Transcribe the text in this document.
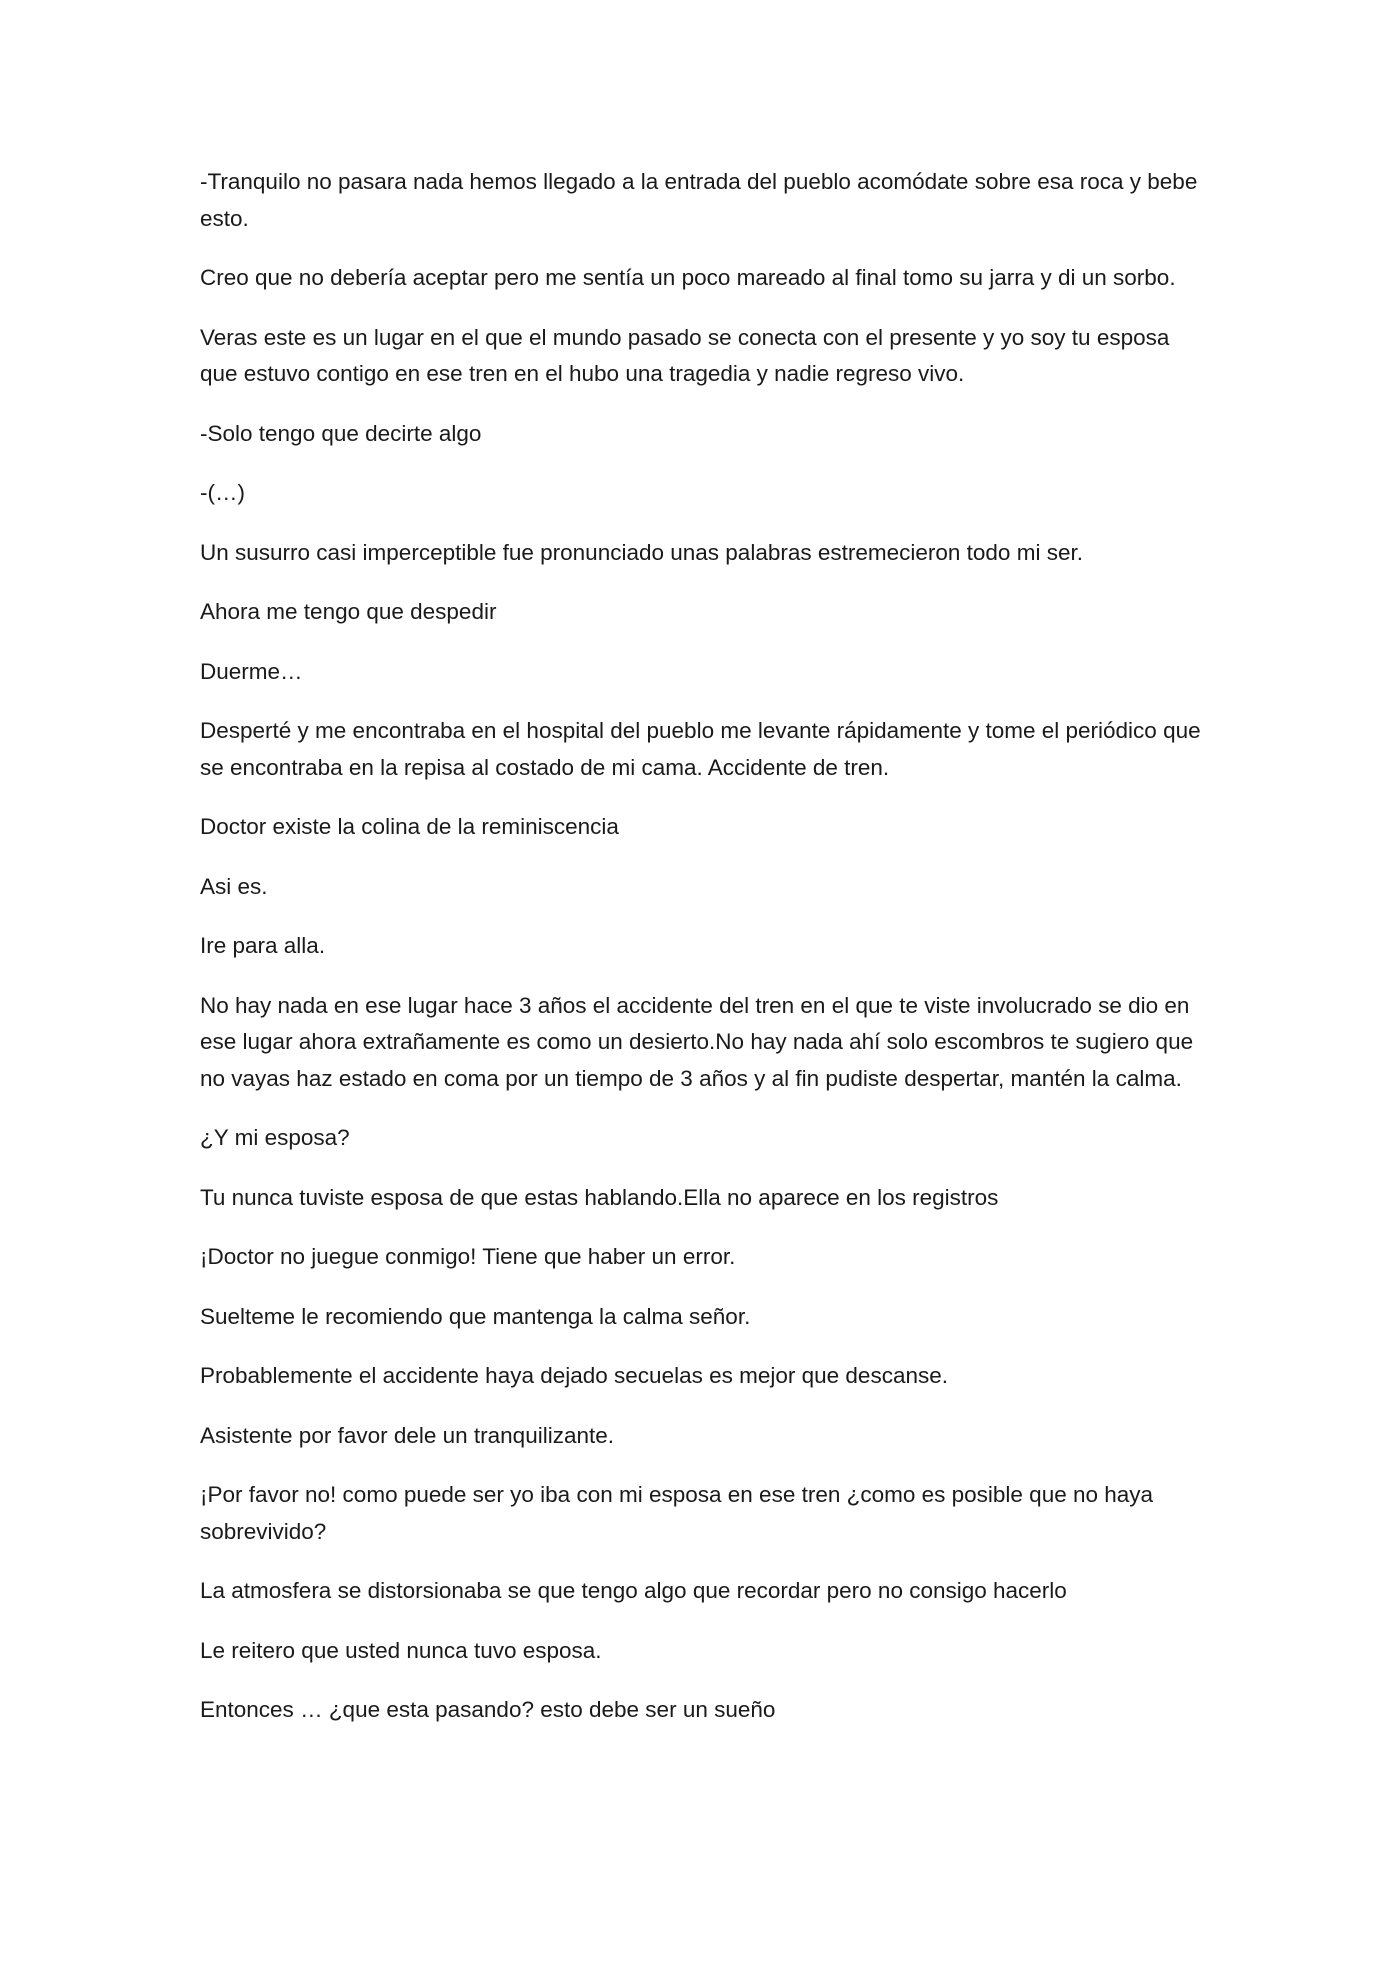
-Tranquilo no pasara nada hemos llegado a la entrada del pueblo acomódate sobre esa roca y bebe esto.

Creo que no debería aceptar pero me sentía un poco mareado al final tomo su jarra y di un sorbo.

Veras este es un lugar en el que el mundo pasado se conecta con el presente y yo soy tu esposa que estuvo contigo en ese tren en el hubo una tragedia y nadie regreso vivo.

-Solo tengo que decirte algo

-(…)

Un susurro casi imperceptible fue pronunciado unas palabras estremecieron todo mi ser.

Ahora me tengo que despedir

Duerme…

Desperté y me encontraba en el hospital del pueblo me levante rápidamente y tome el periódico que se encontraba en la repisa al costado de mi cama. Accidente de tren.

Doctor existe la colina de la reminiscencia

Asi es.

Ire para alla.

No hay nada en ese lugar hace 3 años el accidente del tren en el que te viste involucrado se dio en ese lugar ahora extrañamente es como un desierto.No hay nada ahí solo escombros te sugiero que no vayas haz estado en coma por un tiempo de 3 años y al fin pudiste despertar, mantén la calma.

¿Y mi esposa?

Tu nunca tuviste esposa de que estas hablando.Ella no aparece en los registros

¡Doctor no juegue conmigo! Tiene que haber un error.

Suelteme le recomiendo que mantenga la calma señor.

Probablemente el accidente haya dejado secuelas es mejor que descanse.

Asistente por favor dele un tranquilizante.

¡Por favor no! como puede ser yo iba con mi esposa en ese tren ¿como es posible que no haya sobrevivido?

La atmosfera se distorsionaba se que tengo algo que recordar pero no consigo hacerlo

Le reitero que usted nunca tuvo esposa.

Entonces … ¿que esta pasando? esto debe ser un sueño
